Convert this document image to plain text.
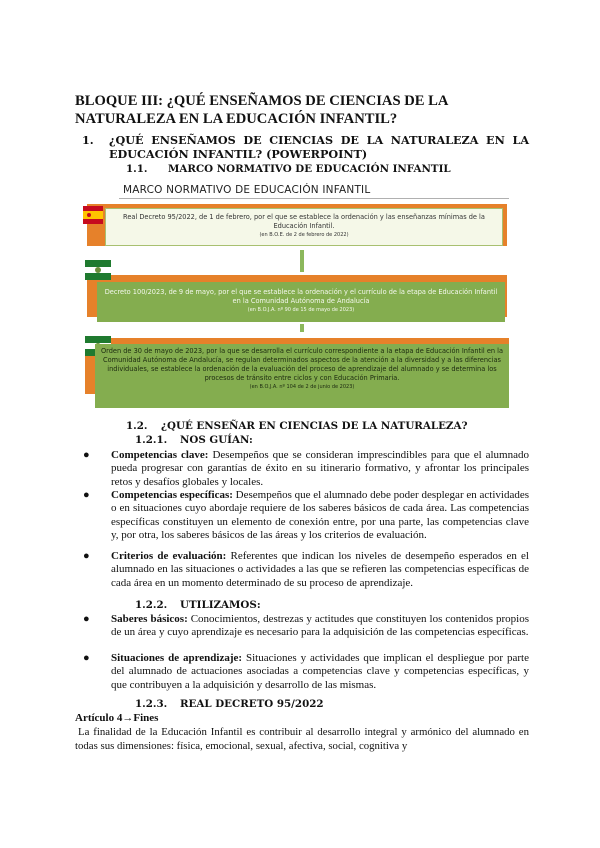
BLOQUE III: ¿QUÉ ENSEÑAMOS DE CIENCIAS DE LA NATURALEZA EN LA EDUCACIÓN INFANTIL?
1. ¿QUÉ ENSEÑAMOS DE CIENCIAS DE LA NATURALEZA EN LA EDUCACIÓN INFANTIL? (POWERPOINT)
1.1. MARCO NORMATIVO DE EDUCACIÓN INFANTIL
MARCO NORMATIVO DE EDUCACIÓN INFANTIL
Real Decreto 95/2022, de 1 de febrero, por el que se establece la ordenación y las enseñanzas mínimas de la Educación Infantil.
(en B.O.E. de 2 de febrero de 2022)
Decreto 100/2023, de 9 de mayo, por el que se establece la ordenación y el currículo de la etapa de Educación Infantil en la Comunidad Autónoma de Andalucía
(en B.O.J.A. nº 90 de 15 de mayo de 2023)
Orden de 30 de mayo de 2023, por la que se desarrolla el currículo correspondiente a la etapa de Educación Infantil en la Comunidad Autónoma de Andalucía, se regulan determinados aspectos de la atención a la diversidad y a las diferencias individuales, se establece la ordenación de la evaluación del proceso de aprendizaje del alumnado y se determina los procesos de tránsito entre ciclos y con Educación Primaria.
(en B.O.J.A. nº 104 de 2 de junio de 2023)
1.2. ¿QUÉ ENSEÑAR EN CIENCIAS DE LA NATURALEZA?
1.2.1. NOS GUÍAN:
● Competencias clave: Desempeños que se consideran imprescindibles para que el alumnado pueda progresar con garantías de éxito en su itinerario formativo, y afrontar los principales retos y desafíos globales y locales.
● Competencias específicas: Desempeños que el alumnado debe poder desplegar en actividades o en situaciones cuyo abordaje requiere de los saberes básicos de cada área. Las competencias específicas constituyen un elemento de conexión entre, por una parte, las competencias clave y, por otra, los saberes básicos de las áreas y los criterios de evaluación.
● Criterios de evaluación: Referentes que indican los niveles de desempeño esperados en el alumnado en las situaciones o actividades a las que se refieren las competencias específicas de cada área en un momento determinado de su proceso de aprendizaje.
1.2.2. UTILIZAMOS:
● Saberes básicos: Conocimientos, destrezas y actitudes que constituyen los contenidos propios de un área y cuyo aprendizaje es necesario para la adquisición de las competencias específicas.
● Situaciones de aprendizaje: Situaciones y actividades que implican el despliegue por parte del alumnado de actuaciones asociadas a competencias clave y competencias específicas, y que contribuyen a la adquisición y desarrollo de las mismas.
1.2.3. REAL DECRETO 95/2022
Artículo 4→Fines
La finalidad de la Educación Infantil es contribuir al desarrollo integral y armónico del alumnado en todas sus dimensiones: física, emocional, sexual, afectiva, social, cognitiva y
